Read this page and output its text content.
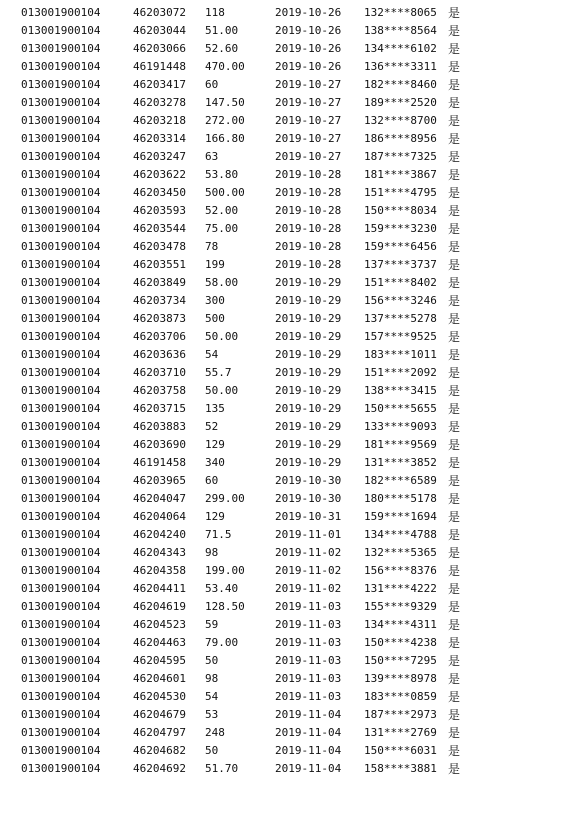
013001900104	46203072 118	2019-10-26 132****8065 是
013001900104	46203044 51.00	2019-10-26 138****8564 是
013001900104	46203066 52.60	2019-10-26 134****6102 是
013001900104	46191448 470.00	2019-10-26 136****3311 是
013001900104	46203417 60	2019-10-27 182****8460 是
013001900104	46203278 147.50	2019-10-27 189****2520 是
013001900104	46203218 272.00	2019-10-27 132****8700 是
013001900104	46203314 166.80	2019-10-27 186****8956 是
013001900104	46203247 63	2019-10-27 187****7325 是
013001900104	46203622 53.80	2019-10-28 181****3867 是
013001900104	46203450 500.00	2019-10-28 151****4795 是
013001900104	46203593 52.00	2019-10-28 150****8034 是
013001900104	46203544 75.00	2019-10-28 159****3230 是
013001900104	46203478 78	2019-10-28 159****6456 是
013001900104	46203551 199	2019-10-28 137****3737 是
013001900104	46203849 58.00	2019-10-29 151****8402 是
013001900104	46203734 300	2019-10-29 156****3246 是
013001900104	46203873 500	2019-10-29 137****5278 是
013001900104	46203706 50.00	2019-10-29 157****9525 是
013001900104	46203636 54	2019-10-29 183****1011 是
013001900104	46203710 55.7	2019-10-29 151****2092 是
013001900104	46203758 50.00	2019-10-29 138****3415 是
013001900104	46203715 135	2019-10-29 150****5655 是
013001900104	46203883 52	2019-10-29 133****9093 是
013001900104	46203690 129	2019-10-29 181****9569 是
013001900104	46191458 340	2019-10-29 131****3852 是
013001900104	46203965 60	2019-10-30 182****6589 是
013001900104	46204047 299.00	2019-10-30 180****5178 是
013001900104	46204064 129	2019-10-31 159****1694 是
013001900104	46204240 71.5	2019-11-01 134****4788 是
013001900104	46204343 98	2019-11-02 132****5365 是
013001900104	46204358 199.00	2019-11-02 156****8376 是
013001900104	46204411 53.40	2019-11-02 131****4222 是
013001900104	46204619 128.50	2019-11-03 155****9329 是
013001900104	46204523 59	2019-11-03 134****4311 是
013001900104	46204463 79.00	2019-11-03 150****4238 是
013001900104	46204595 50	2019-11-03 150****7295 是
013001900104	46204601 98	2019-11-03 139****8978 是
013001900104	46204530 54	2019-11-03 183****0859 是
013001900104	46204679 53	2019-11-04 187****2973 是
013001900104	46204797 248	2019-11-04 131****2769 是
013001900104	46204682 50	2019-11-04 150****6031 是
013001900104	46204692 51.70	2019-11-04 158****3881 是
